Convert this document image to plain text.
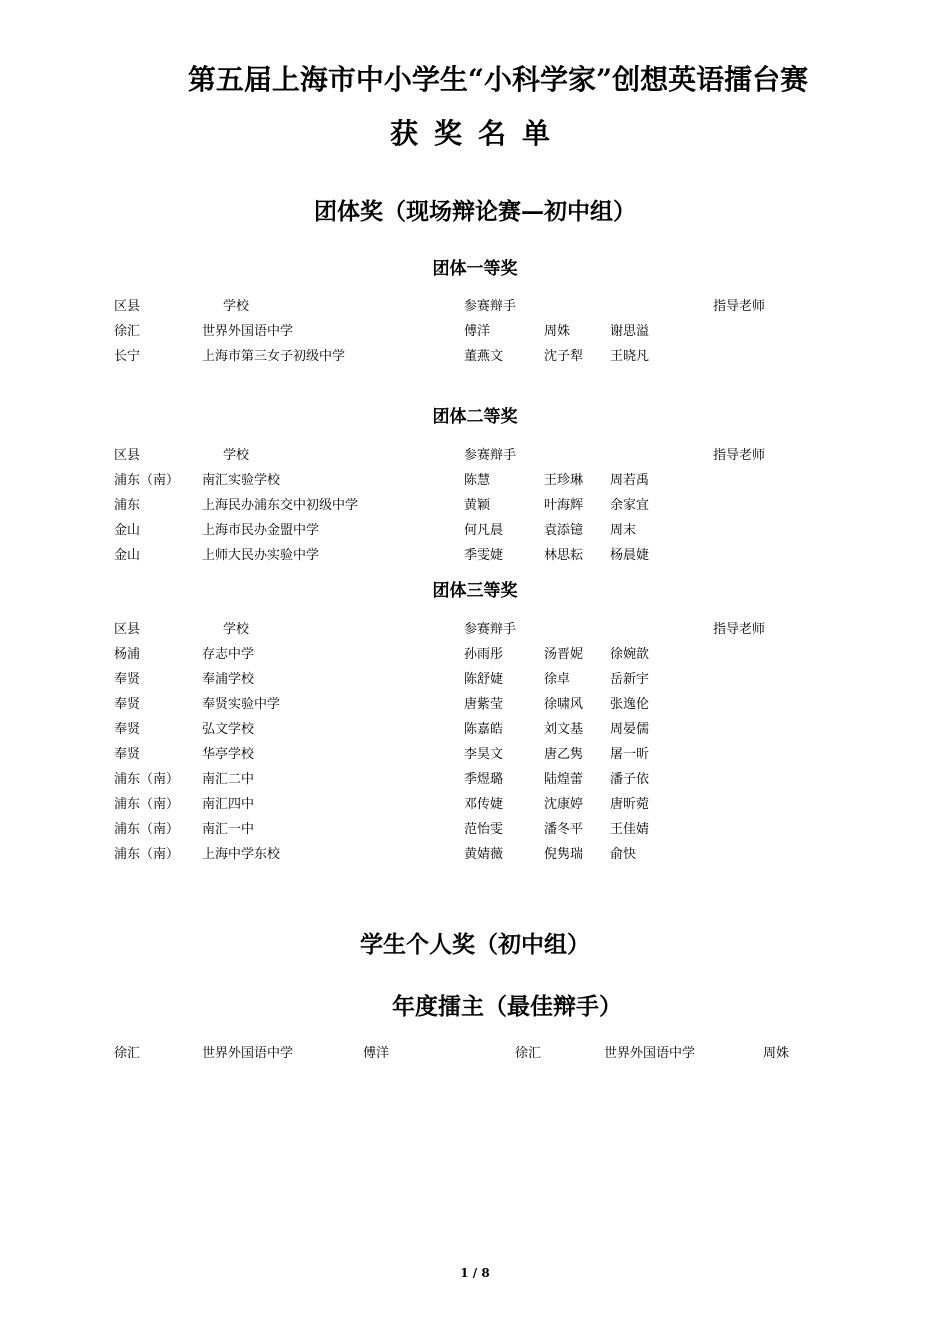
第五届上海市中小学生“小科学家”创想英语擂台赛
获奖名单
团体奖（现场辩论赛—初中组）
团体一等奖
区县	学校	参赛辩手	指导老师
徐汇	世界外国语中学	傅洋	周姝	谢思溢
长宁	上海市第三女子初级中学	董燕文	沈子犁 王晓凡
团体二等奖
区县	学校	参赛辩手	指导老师
浦东（南） 南汇实验学校	陈慧	王珍琳 周若禹
浦东	上海民办浦东交中初级中学	黄颖	叶海辉 余家宜
金山	上海市民办金盟中学	何凡晨	袁添镱 周末
金山	上师大民办实验中学	季雯婕	林思耘 杨晨婕
团体三等奖
区县	学校	参赛辩手	指导老师
杨浦	存志中学	孙雨彤	汤晋妮 徐婉歆
奉贤	奉浦学校	陈舒婕	徐卓	岳新宇
奉贤	奉贤实验中学	唐紫莹	徐啸风 张逸伦
奉贤	弘文学校	陈嘉皓	刘文基 周晏儒
奉贤	华亭学校	李昊文	唐乙隽 屠一昕
浦东（南） 南汇二中	季煜璐	陆煌蕾 潘子依
浦东（南） 南汇四中	邓传婕	沈康婷 唐昕菀
浦东（南） 南汇一中	范怡雯	潘冬平 王佳婧
浦东（南） 上海中学东校	黄婧薇	倪隽瑞 俞快
学生个人奖（初中组）
年度擂主（最佳辩手）
徐汇	世界外国语中学	傅洋	徐汇	世界外国语中学	周姝
1 / 8
